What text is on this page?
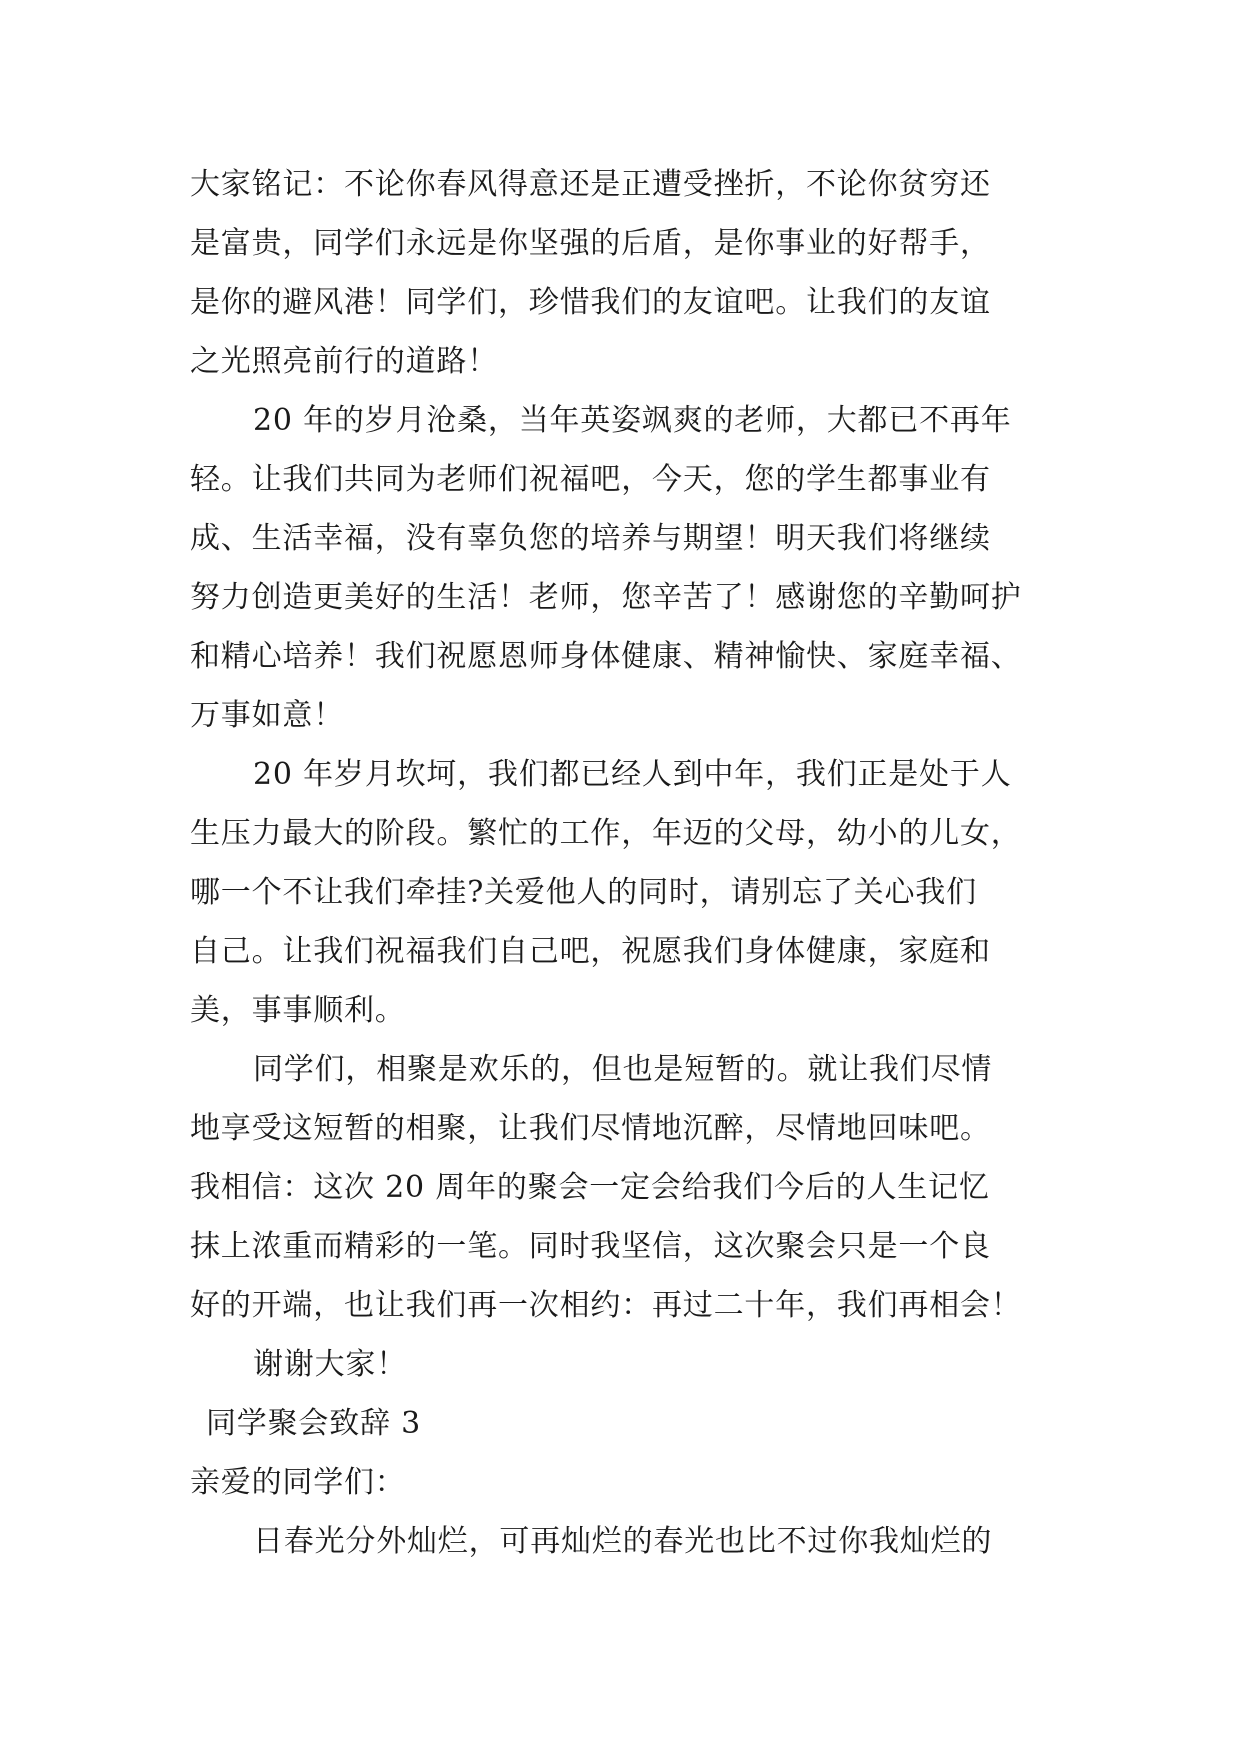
大家铭记：不论你春风得意还是正遭受挫折，不论你贫穷还
是富贵，同学们永远是你坚强的后盾，是你事业的好帮手，
是你的避风港！同学们，珍惜我们的友谊吧。让我们的友谊
之光照亮前行的道路！
20 年的岁月沧桑，当年英姿飒爽的老师，大都已不再年
轻。让我们共同为老师们祝福吧，今天，您的学生都事业有
成、生活幸福，没有辜负您的培养与期望！明天我们将继续
努力创造更美好的生活！老师，您辛苦了！感谢您的辛勤呵护
和精心培养！我们祝愿恩师身体健康、精神愉快、家庭幸福、
万事如意！
20 年岁月坎坷，我们都已经人到中年，我们正是处于人
生压力最大的阶段。繁忙的工作，年迈的父母，幼小的儿女，
哪一个不让我们牵挂?关爱他人的同时，请别忘了关心我们
自己。让我们祝福我们自己吧，祝愿我们身体健康，家庭和
美，事事顺利。
同学们，相聚是欢乐的，但也是短暂的。就让我们尽情
地享受这短暂的相聚，让我们尽情地沉醉，尽情地回味吧。
我相信：这次 20 周年的聚会一定会给我们今后的人生记忆
抹上浓重而精彩的一笔。同时我坚信，这次聚会只是一个良
好的开端，也让我们再一次相约：再过二十年，我们再相会！
谢谢大家！
同学聚会致辞 3
亲爱的同学们：
日春光分外灿烂，可再灿烂的春光也比不过你我灿烂的
